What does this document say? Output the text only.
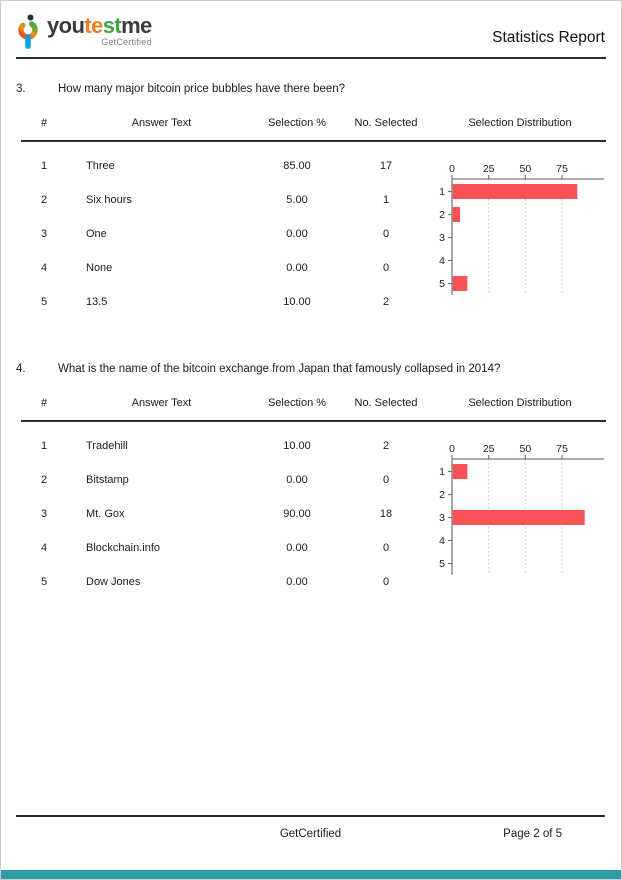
youtestme
GetCertified	Statistics Report
3.	How many major bitcoin price bubbles have there been?
#	Answer Text	Selection %	No. Selected	Selection Distribution
1	Three	85.00	17	0	25 50 75
1
2
3
4
5

2	Six hours	5.00	1	
3	One	0.00	0	
4	None	0.00	0	
5	13.5	10.00	2	
4.	What is the name of the bitcoin exchange from Japan that famously collapsed in 2014?
#	Answer Text	Selection %	No. Selected	Selection Distribution
1	Tradehill	10.00	2	0	25 50 75
1
2
3
4
5

2	Bitstamp	0.00	0	
3	Mt. Gox	90.00	18	
4	Blockchain.info	0.00	0	
5	Dow Jones	0.00	0	
GetCertified	Page 2 of 5
